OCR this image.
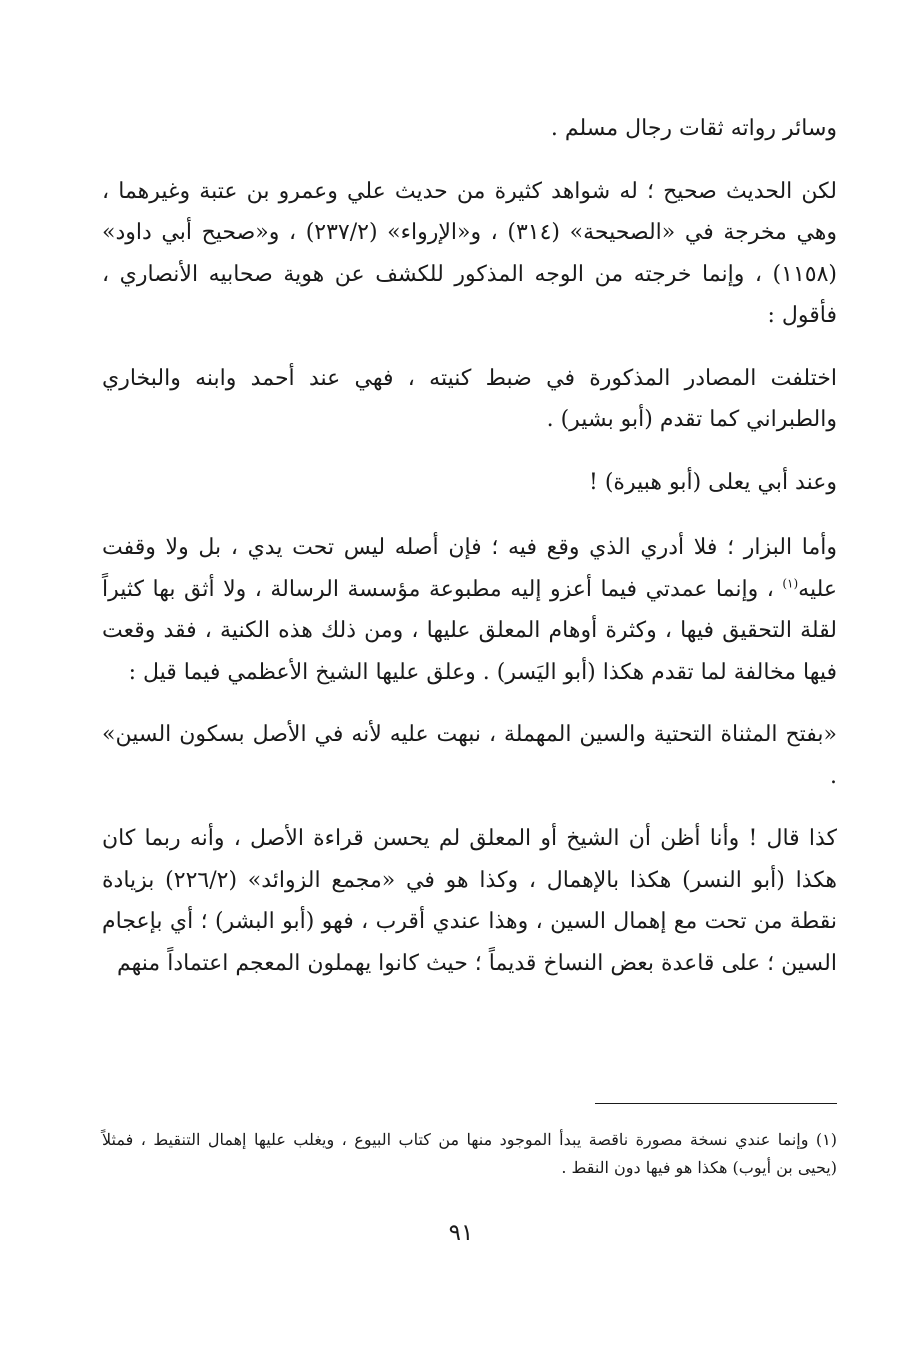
وسائر رواته ثقات رجال مسلم .

لكن الحديث صحيح ؛ له شواهد كثيرة من حديث علي وعمرو بن عتبة وغيرهما ، وهي مخرجة في «الصحيحة» (٣١٤) ، و«الإرواء» (٢٣٧/٢) ، و«صحيح أبي داود» (١١٥٨) ، وإنما خرجته من الوجه المذكور للكشف عن هوية صحابيه الأنصاري ، فأقول :

اختلفت المصادر المذكورة في ضبط كنيته ، فهي عند أحمد وابنه والبخاري والطبراني كما تقدم (أبو بشير) .

وعند أبي يعلى (أبو هبيرة) !

وأما البزار ؛ فلا أدري الذي وقع فيه ؛ فإن أصله ليس تحت يدي ، بل ولا وقفت عليه$^{(١)}$ ، وإنما عمدتي فيما أعزو إليه مطبوعة مؤسسة الرسالة ، ولا أثق بها كثيراً لقلة التحقيق فيها ، وكثرة أوهام المعلق عليها ، ومن ذلك هذه الكنية ، فقد وقعت فيها مخالفة لما تقدم هكذا (أبو اليَسر) . وعلق عليها الشيخ الأعظمي فيما قيل :

«بفتح المثناة التحتية والسين المهملة ، نبهت عليه لأنه في الأصل بسكون السين» .

كذا قال ! وأنا أظن أن الشيخ أو المعلق لم يحسن قراءة الأصل ، وأنه ربما كان هكذا (أبو النسر) هكذا بالإهمال ، وكذا هو في «مجمع الزوائد» (٢٢٦/٢) بزيادة نقطة من تحت مع إهمال السين ، وهذا عندي أقرب ، فهو (أبو البشر) ؛ أي بإعجام السين ؛ على قاعدة بعض النساخ قديماً ؛ حيث كانوا يهملون المعجم اعتماداً منهم

(١) وإنما عندي نسخة مصورة ناقصة يبدأ الموجود منها من كتاب البيوع ، ويغلب عليها إهمال التنقيط ، فمثلاً (يحيى بن أيوب) هكذا هو فيها دون النقط .

٩١
